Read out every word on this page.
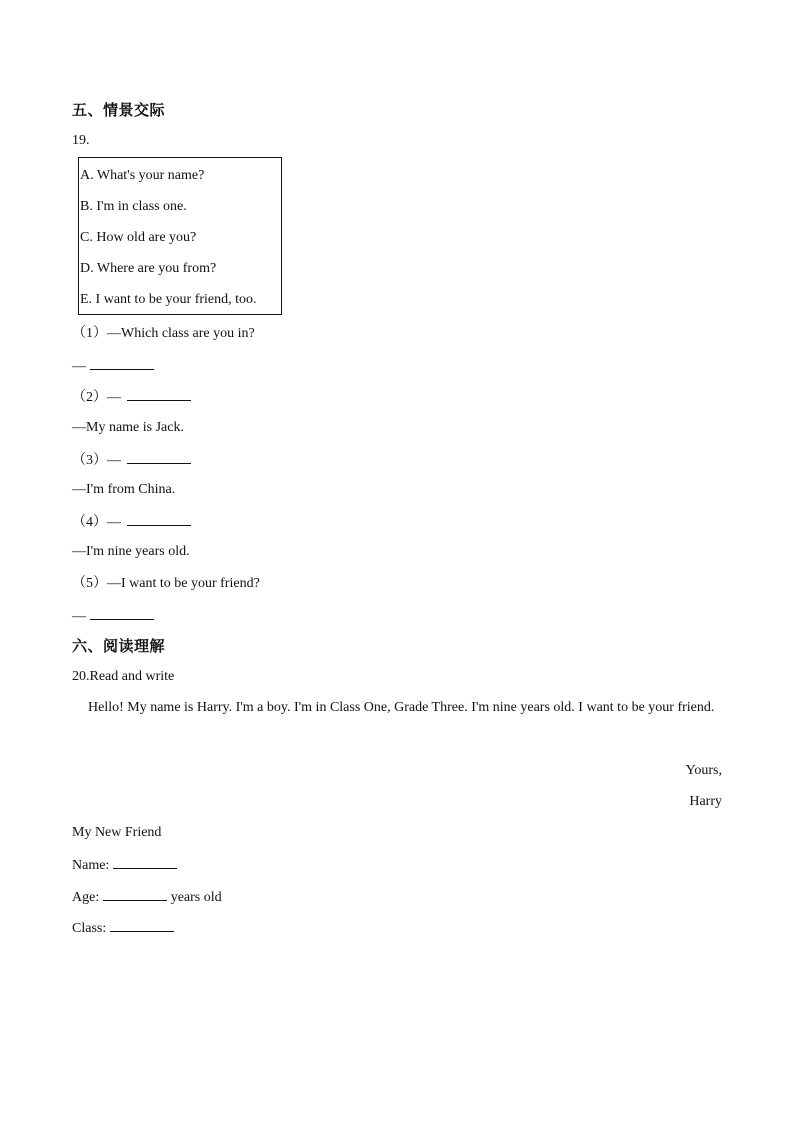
五、情景交际
19.
A. What's your name?
B. I'm in class one.
C. How old are you?
D. Where are you from?
E. I want to be your friend, too.
（1）—Which class are you in?
—
（2）—
—My name is Jack.
（3）—
—I'm from China.
（4）—
—I'm nine years old.
（5）—I want to be your friend?
—
六、阅读理解
20.Read and write
Hello! My name is Harry. I'm a boy. I'm in Class One, Grade Three. I'm nine years old. I want to be your friend.
Yours,
Harry
My New Friend
Name:
Age:	years old
Class:
